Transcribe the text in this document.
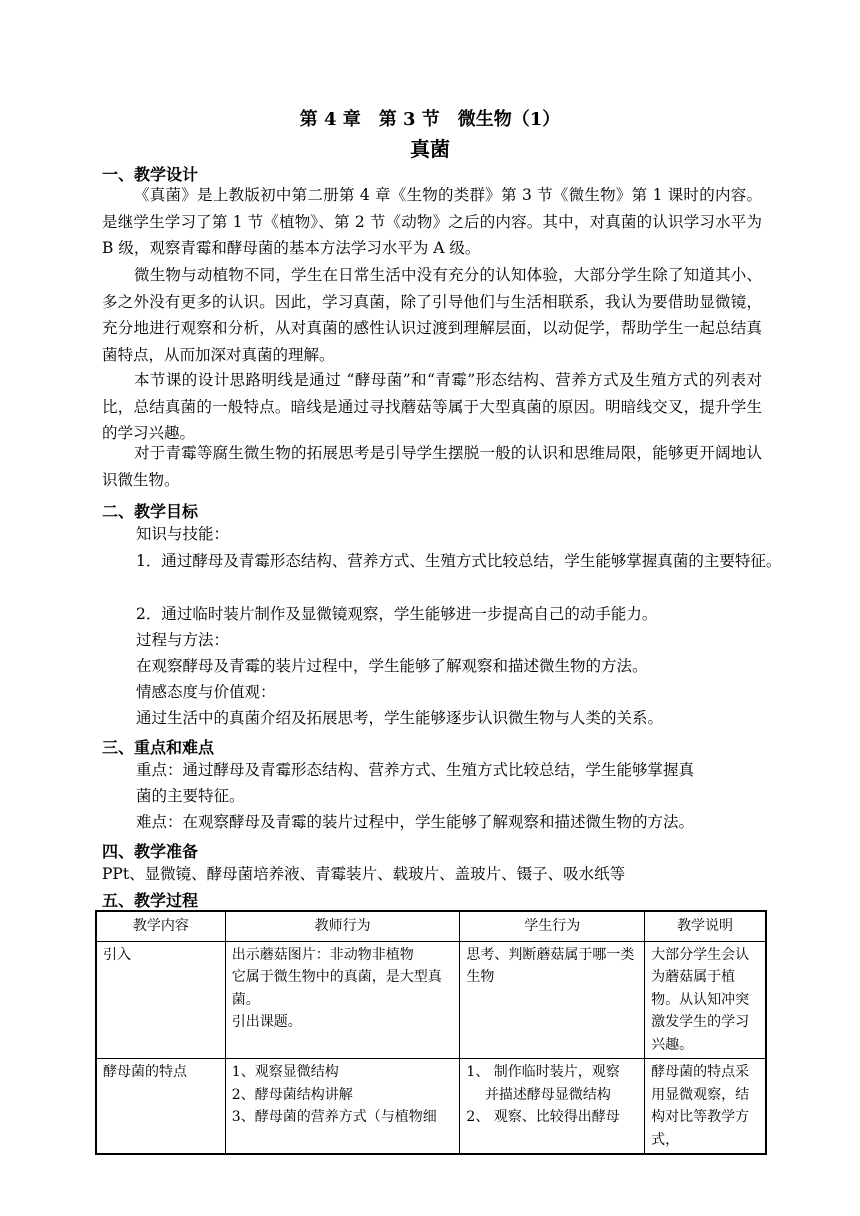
第 4 章　第 3 节　微生物（1）
真菌
一、教学设计

《真菌》是上教版初中第二册第 4 章《生物的类群》第 3 节《微生物》第 1 课时的内容。是继学生学习了第 1 节《植物》、第 2 节《动物》之后的内容。其中，对真菌的认识学习水平为 B 级，观察青霉和酵母菌的基本方法学习水平为 A 级。

微生物与动植物不同，学生在日常生活中没有充分的认知体验，大部分学生除了知道其小、多之外没有更多的认识。因此，学习真菌，除了引导他们与生活相联系，我认为要借助显微镜，充分地进行观察和分析，从对真菌的感性认识过渡到理解层面，以动促学，帮助学生一起总结真菌特点，从而加深对真菌的理解。

本节课的设计思路明线是通过 “酵母菌”和“青霉”形态结构、营养方式及生殖方式的列表对比，总结真菌的一般特点。暗线是通过寻找蘑菇等属于大型真菌的原因。明暗线交叉，提升学生的学习兴趣。

对于青霉等腐生微生物的拓展思考是引导学生摆脱一般的认识和思维局限，能够更开阔地认识微生物。

二、教学目标
知识与技能：
1．通过酵母及青霉形态结构、营养方式、生殖方式比较总结，学生能够掌握真菌的主要特征。
2．通过临时装片制作及显微镜观察，学生能够进一步提高自己的动手能力。
过程与方法：
在观察酵母及青霉的装片过程中，学生能够了解观察和描述微生物的方法。
情感态度与价值观：
通过生活中的真菌介绍及拓展思考，学生能够逐步认识微生物与人类的关系。
三、重点和难点
重点：通过酵母及青霉形态结构、营养方式、生殖方式比较总结，学生能够掌握真
菌的主要特征。
难点：在观察酵母及青霉的装片过程中，学生能够了解观察和描述微生物的方法。
四、教学准备
PPt、显微镜、酵母菌培养液、青霉装片、载玻片、盖玻片、镊子、吸水纸等
五、教学过程
教学内容	教师行为	学生行为	教学说明
引入	出示蘑菇图片：非动物非植物
它属于微生物中的真菌，是大型真菌。
引出课题。	思考、判断蘑菇属于哪一类生物	大部分学生会认为蘑菇属于植物。从认知冲突激发学生的学习兴趣。

酵母菌的特点	1、观察显微结构
2、酵母菌结构讲解
3、酵母菌的营养方式（与植物细	1、 制作临时装片，观察
　 并描述酵母显微结构
2、 观察、比较得出酵母	酵母菌的特点采用显微观察，结构对比等教学方式，
